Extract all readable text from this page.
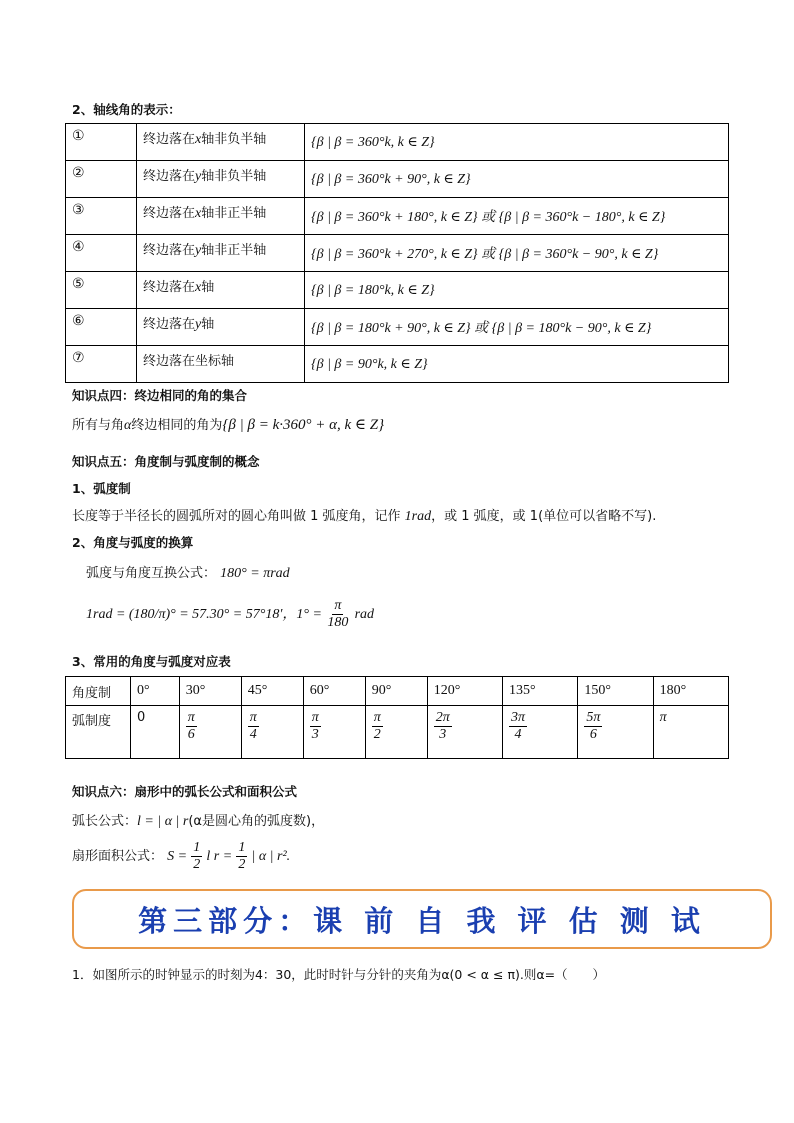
2、轴线角的表示：
①	终边落在x轴非负半轴	{β | β = 360°k, k ∈ Z}
②	终边落在y轴非负半轴	{β | β = 360°k + 90°, k ∈ Z}
③	终边落在x轴非正半轴	{β | β = 360°k + 180°, k ∈ Z} 或 {β | β = 360°k − 180°, k ∈ Z}
④	终边落在y轴非正半轴	{β | β = 360°k + 270°, k ∈ Z} 或 {β | β = 360°k − 90°, k ∈ Z}
⑤	终边落在x轴	{β | β = 180°k, k ∈ Z}
⑥	终边落在y轴	{β | β = 180°k + 90°, k ∈ Z} 或 {β | β = 180°k − 90°, k ∈ Z}
⑦	终边落在坐标轴	{β | β = 90°k, k ∈ Z}
知识点四：终边相同的角的集合
所有与角α终边相同的角为{β | β = k·360° + α, k ∈ Z}
知识点五：角度制与弧度制的概念
1、弧度制
长度等于半径长的圆弧所对的圆心角叫做 1 弧度角，记作 1rad，或 1 弧度，或 1(单位可以省略不写).
2、角度与弧度的换算
弧度与角度互换公式： 180° = πrad
1rad = (180/π)° = 57.30° = 57°18′，$1^\circ = \frac{\pi}{180}$ rad
3、常用的角度与弧度对应表
角度制	0°	30°	45°	60°	90°	120°	135°	150°	180°
弧制度	0	$\frac{\pi}{6}$	$\frac{\pi}{4}$	$\frac{\pi}{3}$	$\frac{\pi}{2}$	$\frac{2\pi}{3}$	$\frac{3\pi}{4}$	$\frac{5\pi}{6}$	π
知识点六：扇形中的弧长公式和面积公式
弧长公式：l = | α | r(α是圆心角的弧度数)，
扇形面积公式： $S = \frac{1}{2}$ l $r = \frac{1}{2}$ | α | r².
第三部分：课 前 自 我 评 估 测 试
1．如图所示的时钟显示的时刻为4：30，此时时针与分针的夹角为α(0 < α ≤ π).则α=（　　）
